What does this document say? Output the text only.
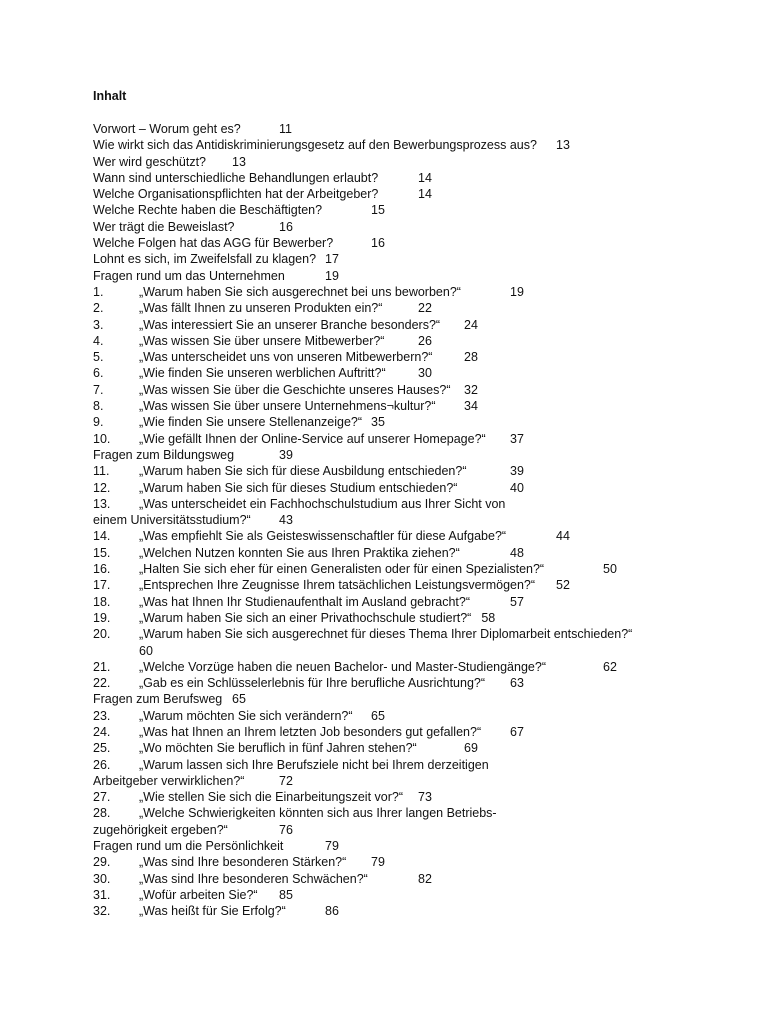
Inhalt
Vorwort – Worum geht es?	11
Wie wirkt sich das Antidiskriminierungsgesetz auf den Bewerbungsprozess aus? 13
Wer wird geschützt? 13
Wann sind unterschiedliche Behandlungen erlaubt?	14
Welche Organisationspflichten hat der Arbeitgeber?	14
Welche Rechte haben die Beschäftigten?	15
Wer trägt die Beweislast?	16
Welche Folgen hat das AGG für Bewerber?	16
Lohnt es sich, im Zweifelsfall zu klagen? 17
Fragen rund um das Unternehmen	19
1.	„Warum haben Sie sich ausgerechnet bei uns beworben?“	19
2.	„Was fällt Ihnen zu unseren Produkten ein?“	22
3.	„Was interessiert Sie an unserer Branche besonders?“ 24
4.	„Was wissen Sie über unsere Mitbewerber?“	26
5.	„Was unterscheidet uns von unseren Mitbewerbern?“	28
6.	„Wie finden Sie unseren werblichen Auftritt?“	30
7.	„Was wissen Sie über die Geschichte unseres Hauses?“ 32
8.	„Was wissen Sie über unsere Unternehmens¬kultur?“ 34
9.	„Wie finden Sie unsere Stellenanzeige?“ 35
10. „Wie gefällt Ihnen der Online-Service auf unserer Homepage?“ 37
Fragen zum Bildungsweg	39
11. „Warum haben Sie sich für diese Ausbildung entschieden?“	39
12. „Warum haben Sie sich für dieses Studium entschieden?“	40
13. „Was unterscheidet ein Fachhochschulstudium aus Ihrer Sicht von
einem Universitätsstudium?“ 43
14. „Was empfiehlt Sie als Geisteswissenschaftler für diese Aufgabe?“	44
15. „Welchen Nutzen konnten Sie aus Ihren Praktika ziehen?“	48
16. „Halten Sie sich eher für einen Generalisten oder für einen Spezialisten?“	50
17. „Entsprechen Ihre Zeugnisse Ihrem tatsächlichen Leistungsvermögen?“ 52
18. „Was hat Ihnen Ihr Studienaufenthalt im Ausland gebracht?“	57
19. „Warum haben Sie sich an einer Privathochschule studiert?“ 58
20. „Warum haben Sie sich ausgerechnet für dieses Thema Ihrer Diplomarbeit entschieden?“
60
21. „Welche Vorzüge haben die neuen Bachelor- und Master-Studiengänge?“	62
22. „Gab es ein Schlüsselerlebnis für Ihre berufliche Ausrichtung?“ 63
Fragen zum Berufsweg 65
23. „Warum möchten Sie sich verändern?“ 65
24. „Was hat Ihnen an Ihrem letzten Job besonders gut gefallen?“ 67
25. „Wo möchten Sie beruflich in fünf Jahren stehen?“	69
26. „Warum lassen sich Ihre Berufsziele nicht bei Ihrem derzeitigen
Arbeitgeber verwirklichen?“	72
27. „Wie stellen Sie sich die Einarbeitungszeit vor?“ 73
28. „Welche Schwierigkeiten könnten sich aus Ihrer langen Betriebs-
zugehörigkeit ergeben?“	76
Fragen rund um die Persönlichkeit	79
29. „Was sind Ihre besonderen Stärken?“ 79
30. „Was sind Ihre besonderen Schwächen?“	82
31. „Wofür arbeiten Sie?“ 85
32. „Was heißt für Sie Erfolg?“	86
